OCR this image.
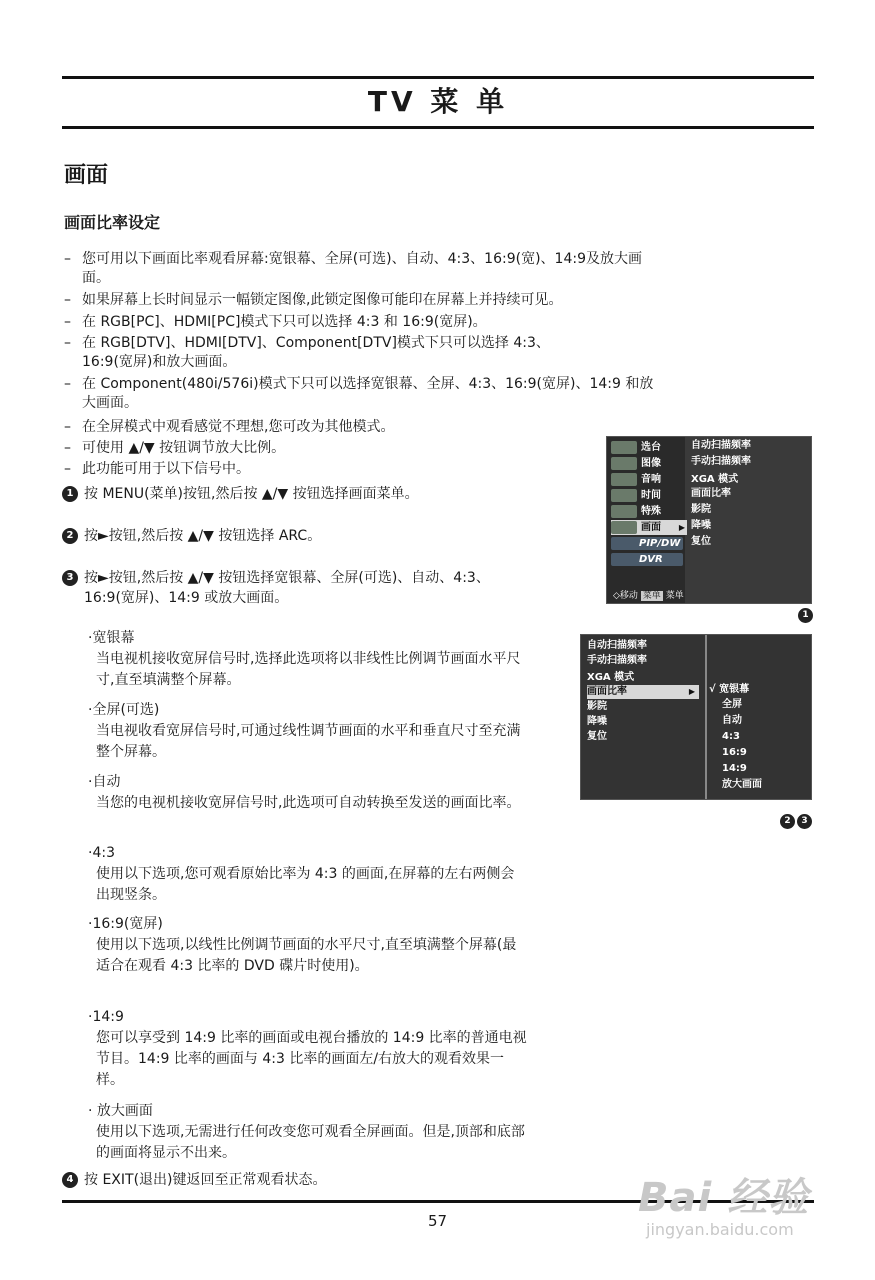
TV 菜 单
画面
画面比率设定
– 您可用以下画面比率观看屏幕:宽银幕、全屏(可选)、自动、4:3、16:9(宽)、14:9及放大画面。
– 如果屏幕上长时间显示一幅锁定图像,此锁定图像可能印在屏幕上并持续可见。
– 在 RGB[PC]、HDMI[PC]模式下只可以选择 4:3 和 16:9(宽屏)。
– 在 RGB[DTV]、HDMI[DTV]、Component[DTV]模式下只可以选择 4:3、16:9(宽屏)和放大画面。
– 在 Component(480i/576i)模式下只可以选择宽银幕、全屏、4:3、16:9(宽屏)、14:9 和放大画面。
– 在全屏模式中观看感觉不理想,您可改为其他模式。
– 可使用 ▲/▼ 按钮调节放大比例。
– 此功能可用于以下信号中。
1 按 MENU(菜单)按钮,然后按 ▲/▼ 按钮选择画面菜单。
2 按►按钮,然后按 ▲/▼ 按钮选择 ARC。
3 按►按钮,然后按 ▲/▼ 按钮选择宽银幕、全屏(可选)、自动、4:3、16:9(宽屏)、14:9 或放大画面。
·宽银幕
当电视机接收宽屏信号时,选择此选项将以非线性比例调节画面水平尺寸,直至填满整个屏幕。
·全屏(可选)
当电视收看宽屏信号时,可通过线性调节画面的水平和垂直尺寸至充满整个屏幕。
·自动
当您的电视机接收宽屏信号时,此选项可自动转换至发送的画面比率。
·4:3
使用以下选项,您可观看原始比率为 4:3 的画面,在屏幕的左右两侧会出现竖条。
·16:9(宽屏)
使用以下选项,以线性比例调节画面的水平尺寸,直至填满整个屏幕(最适合在观看 4:3 比率的 DVD 碟片时使用)。
·14:9
您可以享受到 14:9 比率的画面或电视台播放的 14:9 比率的普通电视节目。14:9 比率的画面与 4:3 比率的画面左/右放大的观看效果一样。
· 放大画面
使用以下选项,无需进行任何改变您可观看全屏画面。但是,顶部和底部的画面将显示不出来。
4 按 EXIT(退出)键返回至正常观看状态。
选台
图像
音响
时间
特殊
画面 ▶
PIP/DW
DVR
自动扫描频率
手动扫描频率
XGA 模式
画面比率
影院
降噪
复位
◇移动 菜单 菜单
1
自动扫描频率
手动扫描频率
XGA 模式
画面比率	▶
影院
降噪
复位
√ 宽银幕
全屏
自动
4:3
16:9
14:9
放大画面
2	3
57	Bai 经验
jingyan.baidu.com
